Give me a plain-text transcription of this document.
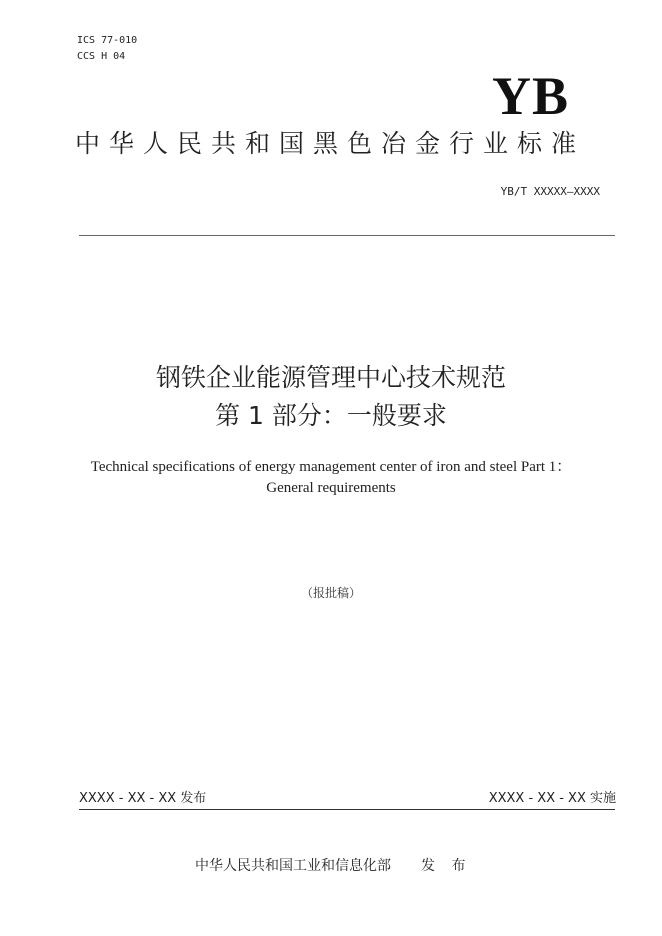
ICS 77-010
CCS H 04
YB
中华人民共和国黑色冶金行业标准
YB/T XXXXX—XXXX
钢铁企业能源管理中心技术规范
第 1 部分：一般要求
Technical specifications of energy management center of iron and steel Part 1：
General requirements
（报批稿）
XXXX - XX - XX 发布	XXXX - XX - XX 实施
中华人民共和国工业和信息化部 发 布
